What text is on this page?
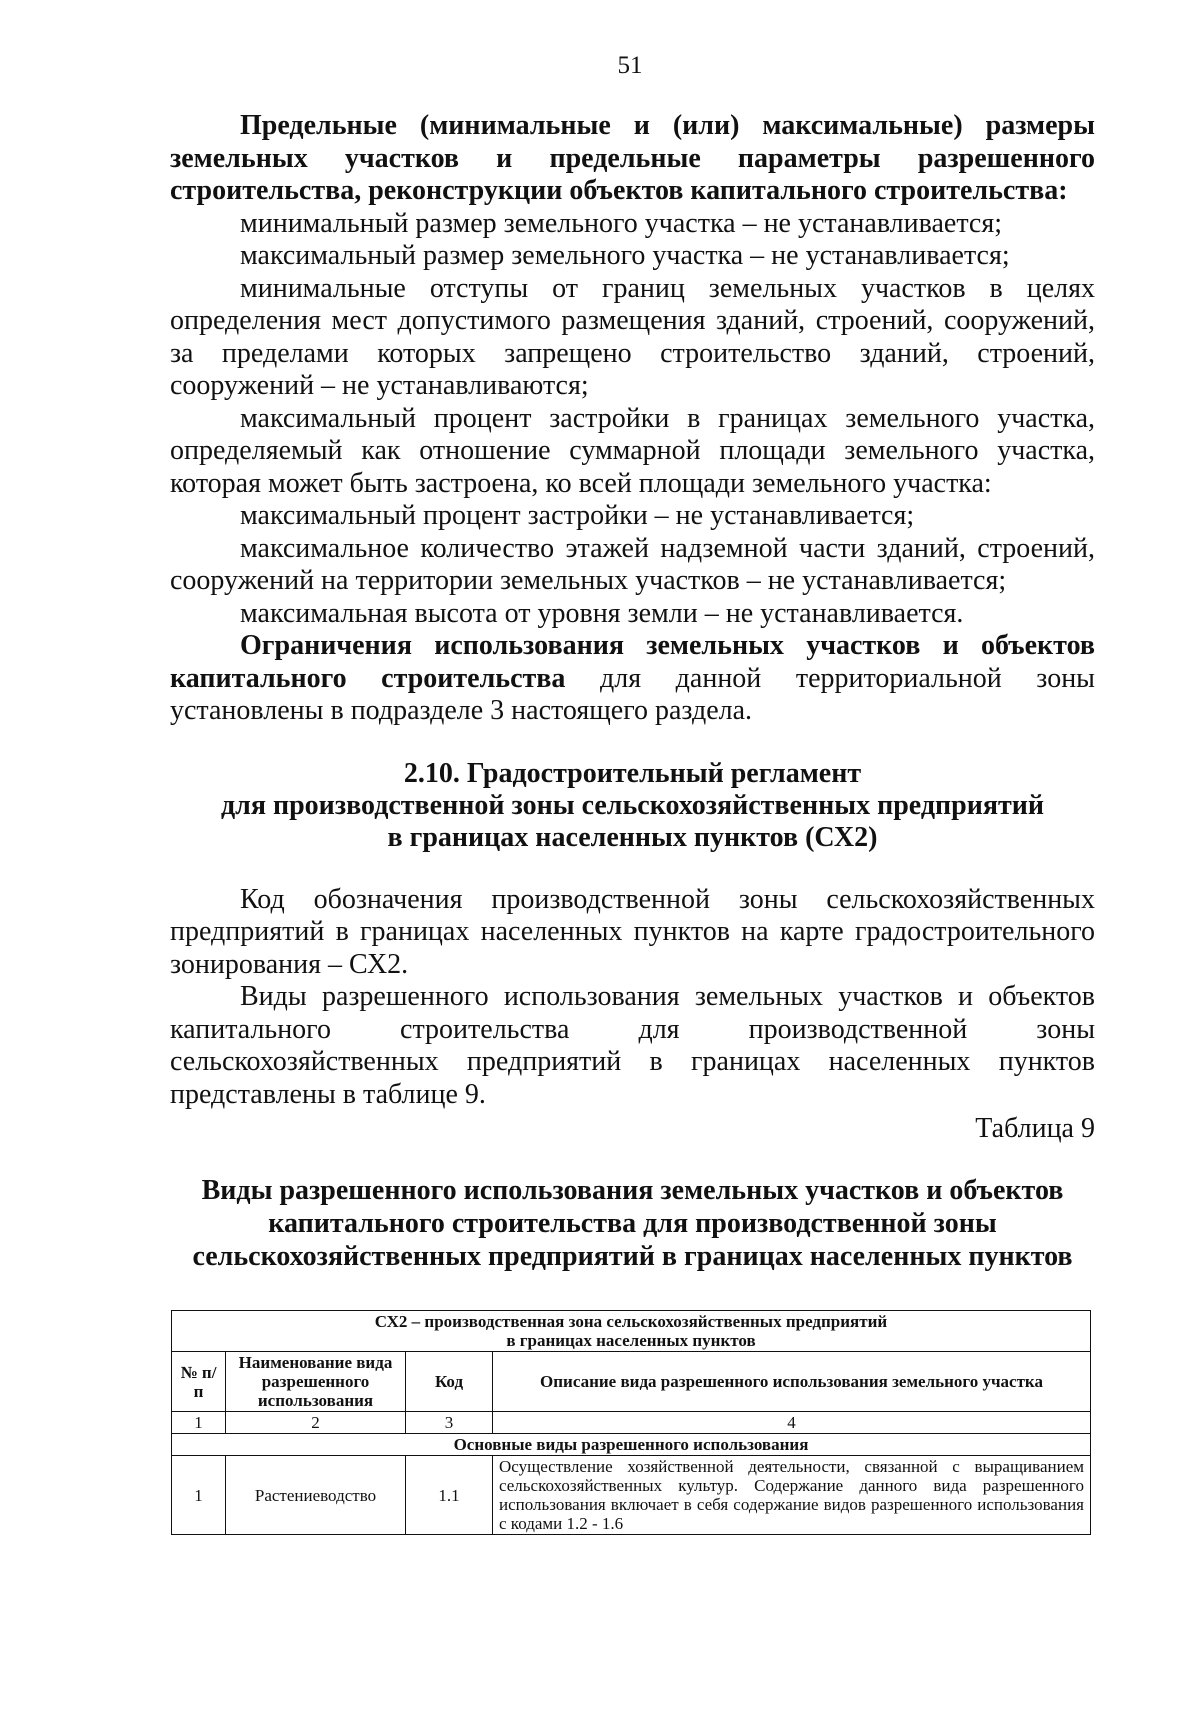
51

Предельные (минимальные и (или) максимальные) размеры земельных участков и предельные параметры разрешенного строительства, реконструкции объектов капитального строительства:

минимальный размер земельного участка – не устанавливается;

максимальный размер земельного участка – не устанавливается;

минимальные отступы от границ земельных участков в целях определения мест допустимого размещения зданий, строений, сооружений, за пределами которых запрещено строительство зданий, строений, сооружений – не устанавливаются;

максимальный процент застройки в границах земельного участка, определяемый как отношение суммарной площади земельного участка, которая может быть застроена, ко всей площади земельного участка:

максимальный процент застройки – не устанавливается;

максимальное количество этажей надземной части зданий, строений, сооружений на территории земельных участков – не устанавливается;

максимальная высота от уровня земли – не устанавливается.

Ограничения использования земельных участков и объектов капитального строительства для данной территориальной зоны установлены в подразделе 3 настоящего раздела.

2.10. Градостроительный регламент
для производственной зоны сельскохозяйственных предприятий
в границах населенных пунктов (СХ2)

Код обозначения производственной зоны сельскохозяйственных предприятий в границах населенных пунктов на карте градостроительного зонирования – СХ2.

Виды разрешенного использования земельных участков и объектов капитального строительства для производственной зоны сельскохозяйственных предприятий в границах населенных пунктов представлены в таблице 9.

Таблица 9

Виды разрешенного использования земельных участков и объектов
капитального строительства для производственной зоны
сельскохозяйственных предприятий в границах населенных пунктов
СХ2 – производственная зона сельскохозяйственных предприятий
в границах населенных пунктов			

№ п/п	Наименование вида разрешенного использования	Код	Описание вида разрешенного использования земельного участка
1	2	3	4
Основные виды разрешенного использования			
1	Растениеводство	1.1	Осуществление хозяйственной деятельности, связанной с выращиванием сельскохозяйственных культур. Содержание данного вида разрешенного использования включает в себя содержание видов разрешенного использования с кодами 1.2 - 1.6
